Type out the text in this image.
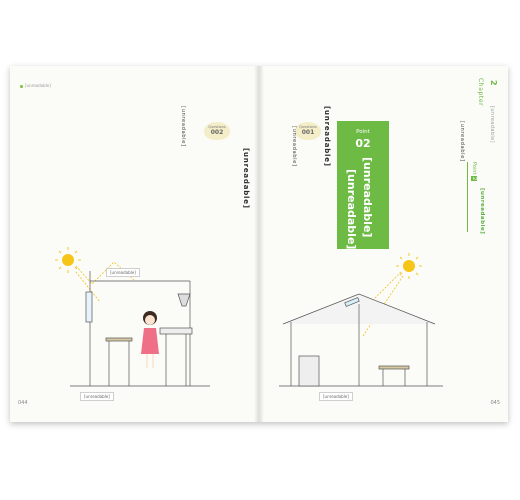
[unreadable]
Questions
002
[unreadable]
[unreadable]
[unreadable]
[unreadable]
044
Chapter 2
[unreadable]
Point 2
[unreadable]
[unreadable]
Point
02
[unreadable]
[unreadable]
Questions
001	[unreadable]
[unreadable]
[unreadable]
045
